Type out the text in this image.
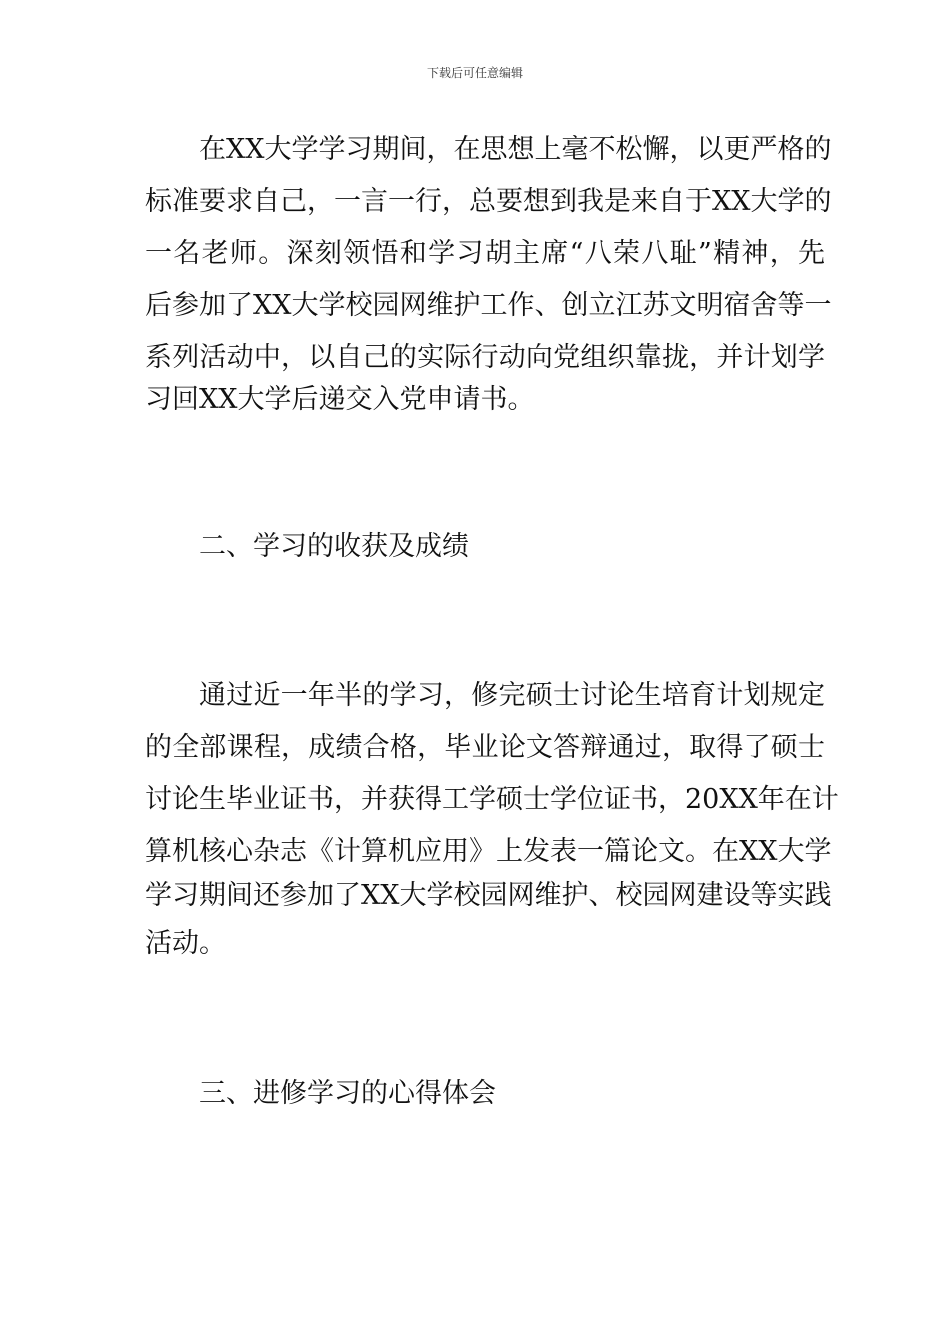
下载后可任意编辑
在XX大学学习期间，在思想上毫不松懈，以更严格的
标准要求自己，一言一行，总要想到我是来自于XX大学的
一名老师。深刻领悟和学习胡主席“八荣八耻”精神，先
后参加了XX大学校园网维护工作、创立江苏文明宿舍等一
系列活动中，以自己的实际行动向党组织靠拢，并计划学
习回XX大学后递交入党申请书。
二、学习的收获及成绩
通过近一年半的学习，修完硕士讨论生培育计划规定
的全部课程，成绩合格，毕业论文答辩通过，取得了硕士
讨论生毕业证书，并获得工学硕士学位证书，20XX年在计
算机核心杂志《计算机应用》上发表一篇论文。在XX大学
学习期间还参加了XX大学校园网维护、校园网建设等实践
活动。
三、进修学习的心得体会
